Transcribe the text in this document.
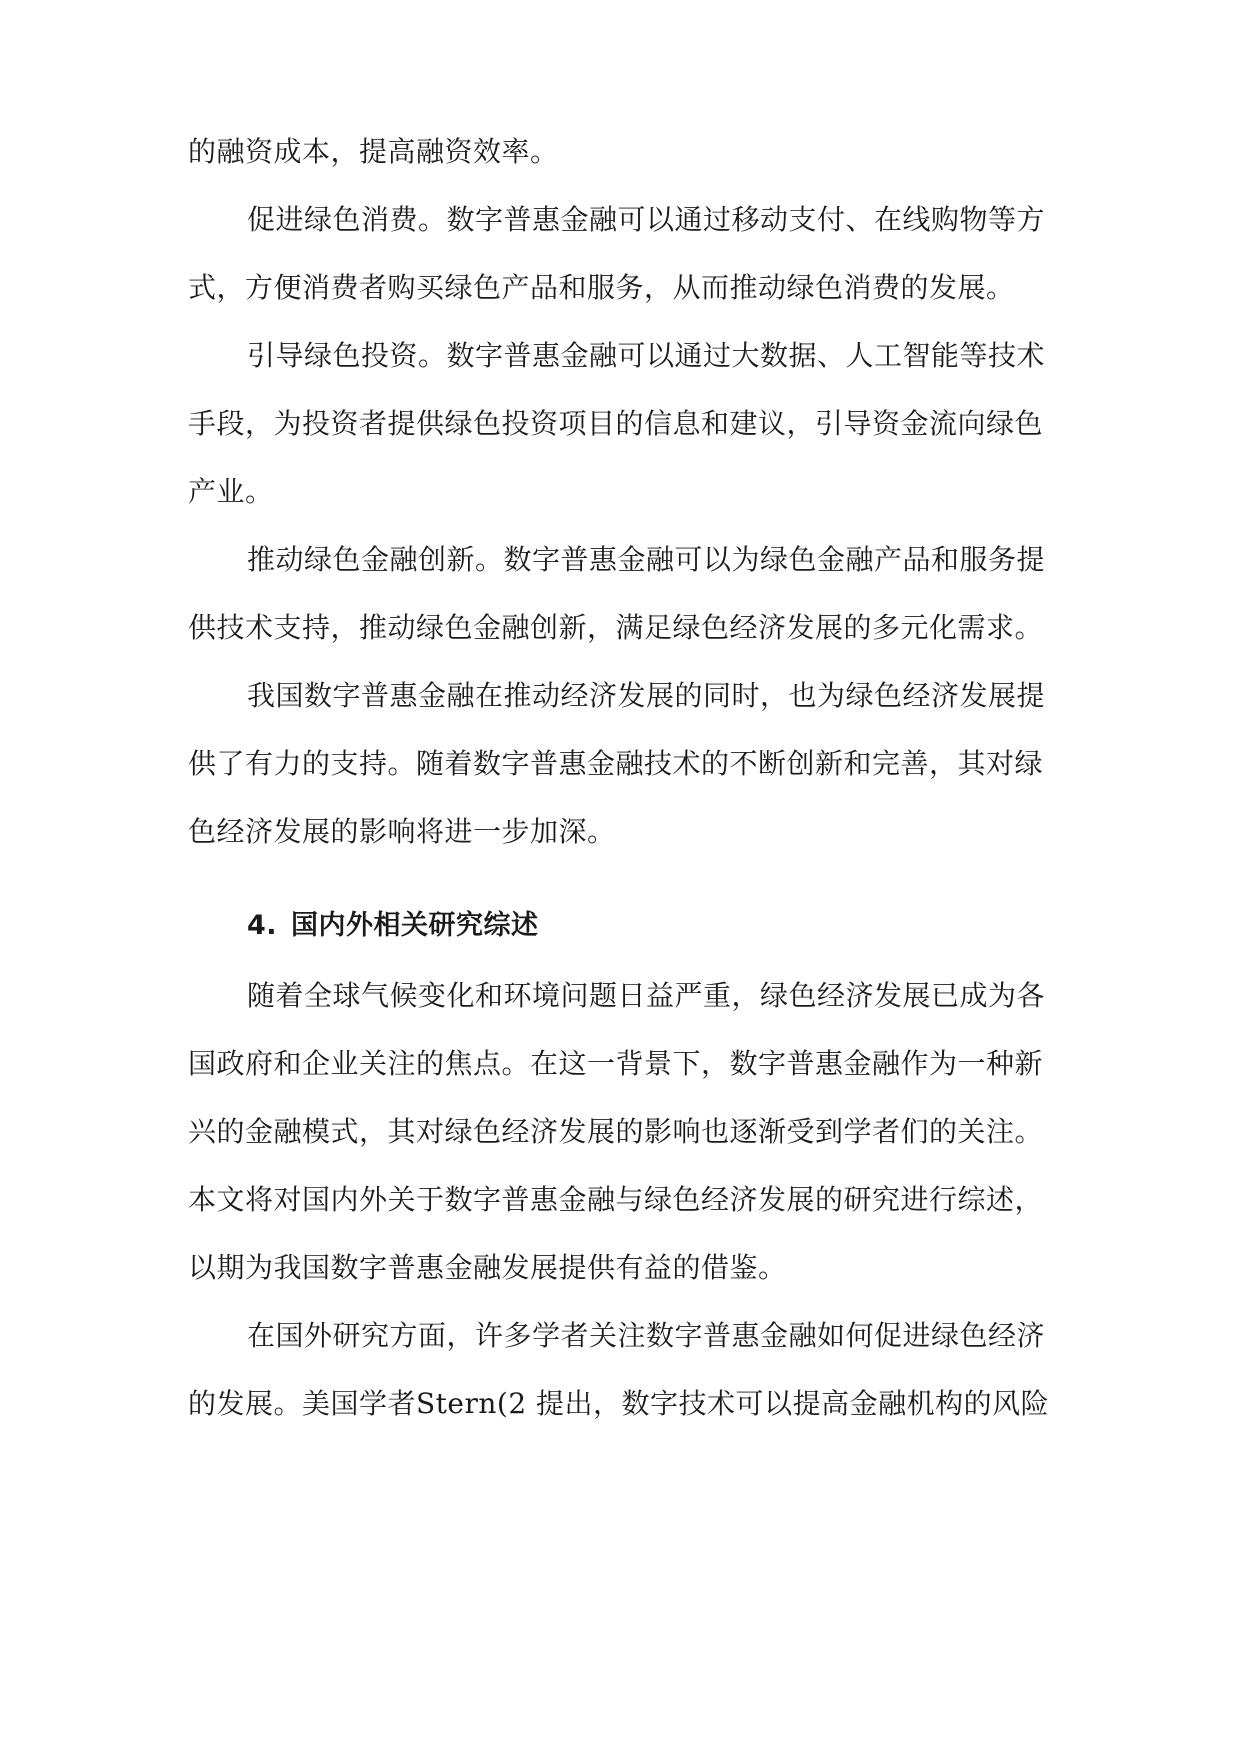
的融资成本，提高融资效率。
促进绿色消费。数字普惠金融可以通过移动支付、在线购物等方
式，方便消费者购买绿色产品和服务，从而推动绿色消费的发展。
引导绿色投资。数字普惠金融可以通过大数据、人工智能等技术
手段，为投资者提供绿色投资项目的信息和建议，引导资金流向绿色
产业。
推动绿色金融创新。数字普惠金融可以为绿色金融产品和服务提
供技术支持，推动绿色金融创新，满足绿色经济发展的多元化需求。
我国数字普惠金融在推动经济发展的同时，也为绿色经济发展提
供了有力的支持。随着数字普惠金融技术的不断创新和完善，其对绿
色经济发展的影响将进一步加深。
4. 国内外相关研究综述
随着全球气候变化和环境问题日益严重，绿色经济发展已成为各
国政府和企业关注的焦点。在这一背景下，数字普惠金融作为一种新
兴的金融模式，其对绿色经济发展的影响也逐渐受到学者们的关注。
本文将对国内外关于数字普惠金融与绿色经济发展的研究进行综述，
以期为我国数字普惠金融发展提供有益的借鉴。
在国外研究方面，许多学者关注数字普惠金融如何促进绿色经济
的发展。美国学者Stern(2 提出，数字技术可以提高金融机构的风险
